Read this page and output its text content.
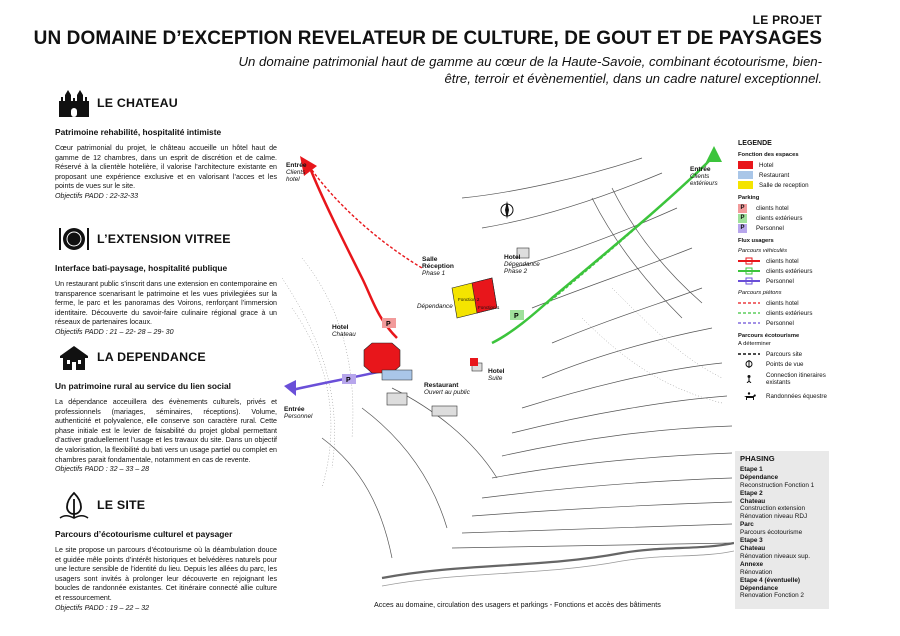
LE PROJET
UN DOMAINE D’EXCEPTION REVELATEUR DE CULTURE, DE GOUT ET DE PAYSAGES
Un domaine patrimonial haut de gamme au cœur de la Haute-Savoie, combinant écotourisme, bien-être, terroir et évènementiel, dans un cadre naturel exceptionnel.
LE CHATEAU
Patrimoine rehabilité, hospitalité intimiste
Cœur patrimonial du projet, le château accueille un hôtel haut de gamme de 12 chambres, dans un esprit de discrétion et de calme. Réservé à la clientèle hotelière, il valorise l’architecture existante en proposant une expérience exclusive et en valorisant l’acces et les points de vues sur le site.
Objectifs PADD : 22-32-33
L’EXTENSION VITREE
Interface bati-paysage, hospitalité publique
Un restaurant public s’inscrit dans une extension en contemporaine en transparence scenarisant le patrimoine et les vues privilegiées sur la ferme, le parc et les panoramas des Voirons, renforçant l’immersion identitaire. Découverte du savoir-faire culinaire régional grace à un réseaux de partenaires locaux.
Objectifs PADD : 21 – 22- 28 – 29- 30
LA DEPENDANCE
Un patrimoine rural au service du lien social
La dépendance acceuillera des évènements culturels, privés et professionnels (mariages, séminaires, réceptions). Volume, authenticité et polyvalence, elle conserve son caractère rural. Cette phase initiale est le levier de faisabilité du projet global permettant d’activer graduellement l’usage et les travaux du site. Dans un objectif de valorisation, la flexibilité du bati vers un usage partiel ou complet en chambres parait fondamentale, notamment en cas de revente.
Objectifs PADD : 32 – 33 – 28
LE SITE
Parcours d’écotourisme culturel et paysager
Le site propose un parcours d’écotourisme où la déambulation douce et guidée mêle points d’intérêt historiques et belvédères naturels pour une lecture sensible de l’identité du lieu. Depuis les allées du parc, les usagers sont invités à prolonger leur découverte en rejoignant les boucles de randonnée existantes. Cet itinéraire connecté allie culture et ressourcement.
Objectifs PADD : 19 – 22 – 32
P
P
P
Entrée
Clients
hotel
Entrée
Clients
extérieurs
Entrée
Personnel
Salle
Réception
Phase 1
Hotel
Dépendance
Phase 2
Dépendance
Hotel
Chateau
Restaurant
Ouvert au public
Hotel
Suite
Fonction 2
Fonction 1
LEGENDE
Fonction des espaces
Hotel
Restaurant
Salle de reception
Parking
P	clients hotel
P	clients extérieurs
P	Personnel
Flux usagers
Parcours véhiculés
clients hotel
clients extérieurs
Personnel
Parcours piétons
clients hotel
clients extérieurs
Personnel
Parcours écotourisme
A déterminer
Parcours site
Points de vue
Connection itineraires existants
Randonnées équestre
PHASING
Etape 1
Dépendance
Reconstruction Fonction 1
Etape 2
Chateau
Construction extension
Rénovation niveau RDJ
Parc
Parcours écotourisme
Etape 3
Chateau
Rénovation niveaux sup.
Annexe
Rénovation
Etape 4 (éventuelle)
Dépendance
Renovation Fonction 2
Acces au domaine, circulation des usagers et parkings - Fonctions et accès des bâtiments
